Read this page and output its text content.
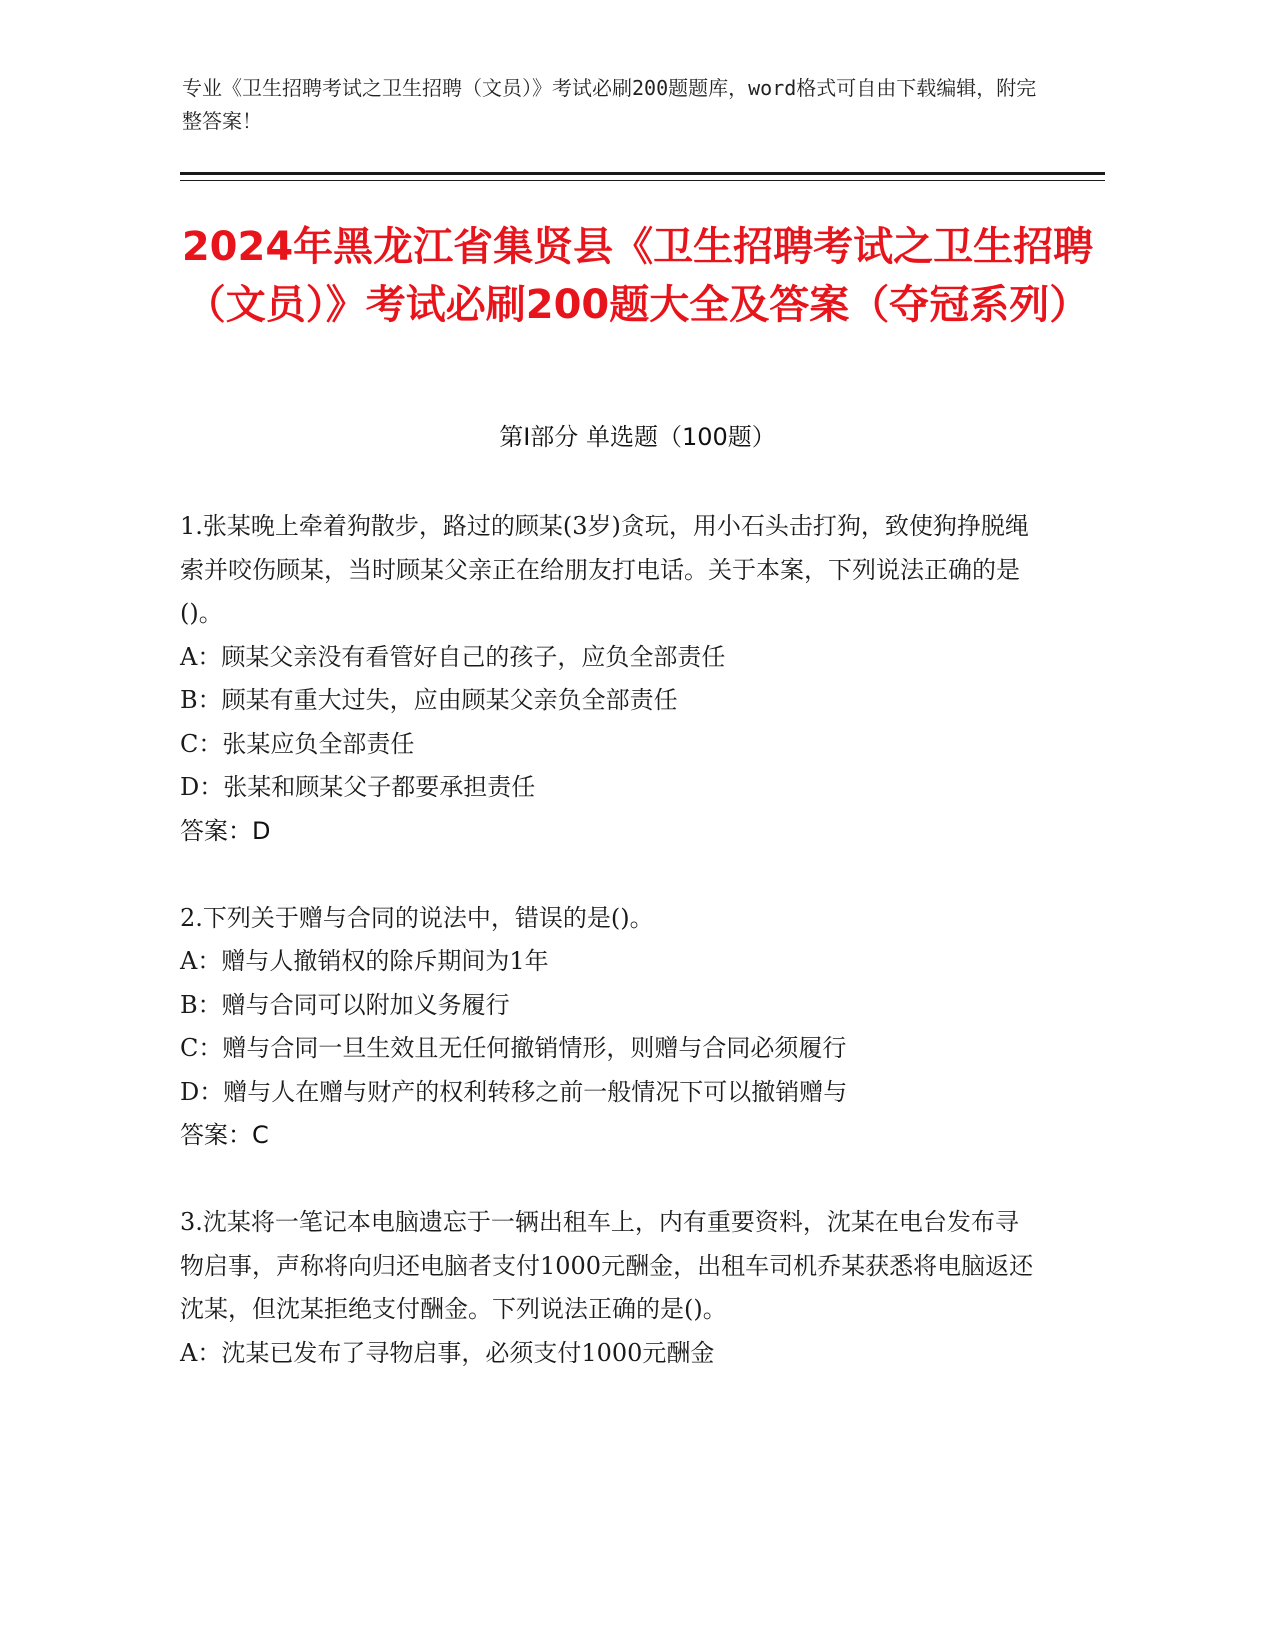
专业《卫生招聘考试之卫生招聘（文员）》考试必刷200题题库，word格式可自由下载编辑，附完整答案！
2024年黑龙江省集贤县《卫生招聘考试之卫生招聘（文员）》考试必刷200题大全及答案（夺冠系列）
第Ⅰ部分 单选题（100题）

1.张某晚上牵着狗散步，路过的顾某(3岁)贪玩，用小石头击打狗，致使狗挣脱绳索并咬伤顾某，当时顾某父亲正在给朋友打电话。关于本案，下列说法正确的是()。

A：顾某父亲没有看管好自己的孩子，应负全部责任

B：顾某有重大过失，应由顾某父亲负全部责任

C：张某应负全部责任

D：张某和顾某父子都要承担责任

答案：D

2.下列关于赠与合同的说法中，错误的是()。

A：赠与人撤销权的除斥期间为1年

B：赠与合同可以附加义务履行

C：赠与合同一旦生效且无任何撤销情形，则赠与合同必须履行

D：赠与人在赠与财产的权利转移之前一般情况下可以撤销赠与

答案：C

3.沈某将一笔记本电脑遗忘于一辆出租车上，内有重要资料，沈某在电台发布寻物启事，声称将向归还电脑者支付1000元酬金，出租车司机乔某获悉将电脑返还沈某，但沈某拒绝支付酬金。下列说法正确的是()。

A：沈某已发布了寻物启事，必须支付1000元酬金
